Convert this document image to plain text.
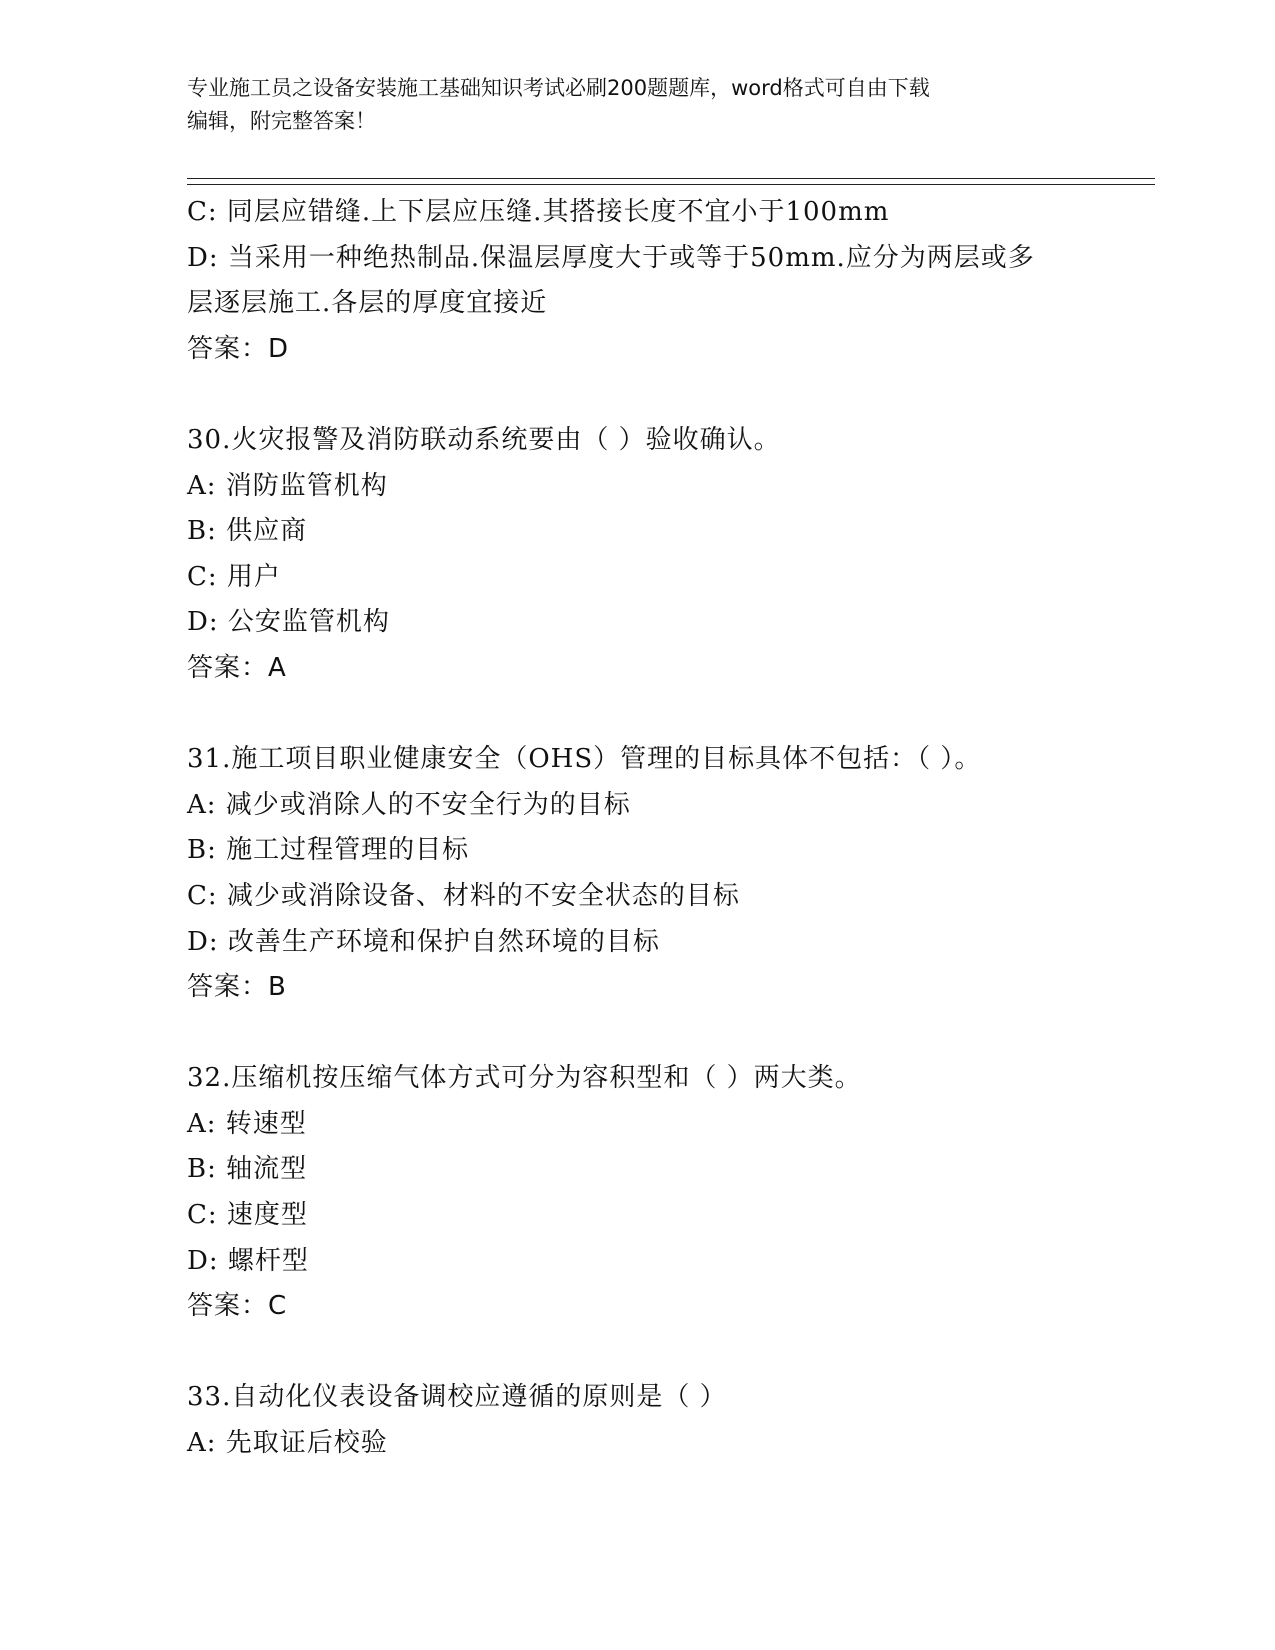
专业施工员之设备安装施工基础知识考试必刷200题题库，word格式可自由下载
编辑，附完整答案！
C: 同层应错缝.上下层应压缝.其搭接长度不宜小于100mm
D: 当采用一种绝热制品.保温层厚度大于或等于50mm.应分为两层或多
层逐层施工.各层的厚度宜接近
答案：D
30.火灾报警及消防联动系统要由（ ）验收确认。
A: 消防监管机构
B: 供应商
C: 用户
D: 公安监管机构
答案：A
31.施工项目职业健康安全（OHS）管理的目标具体不包括：（ ）。
A: 减少或消除人的不安全行为的目标
B: 施工过程管理的目标
C: 减少或消除设备、材料的不安全状态的目标
D: 改善生产环境和保护自然环境的目标
答案：B
32.压缩机按压缩气体方式可分为容积型和（ ）两大类。
A: 转速型
B: 轴流型
C: 速度型
D: 螺杆型
答案：C
33.自动化仪表设备调校应遵循的原则是（ ）
A: 先取证后校验
